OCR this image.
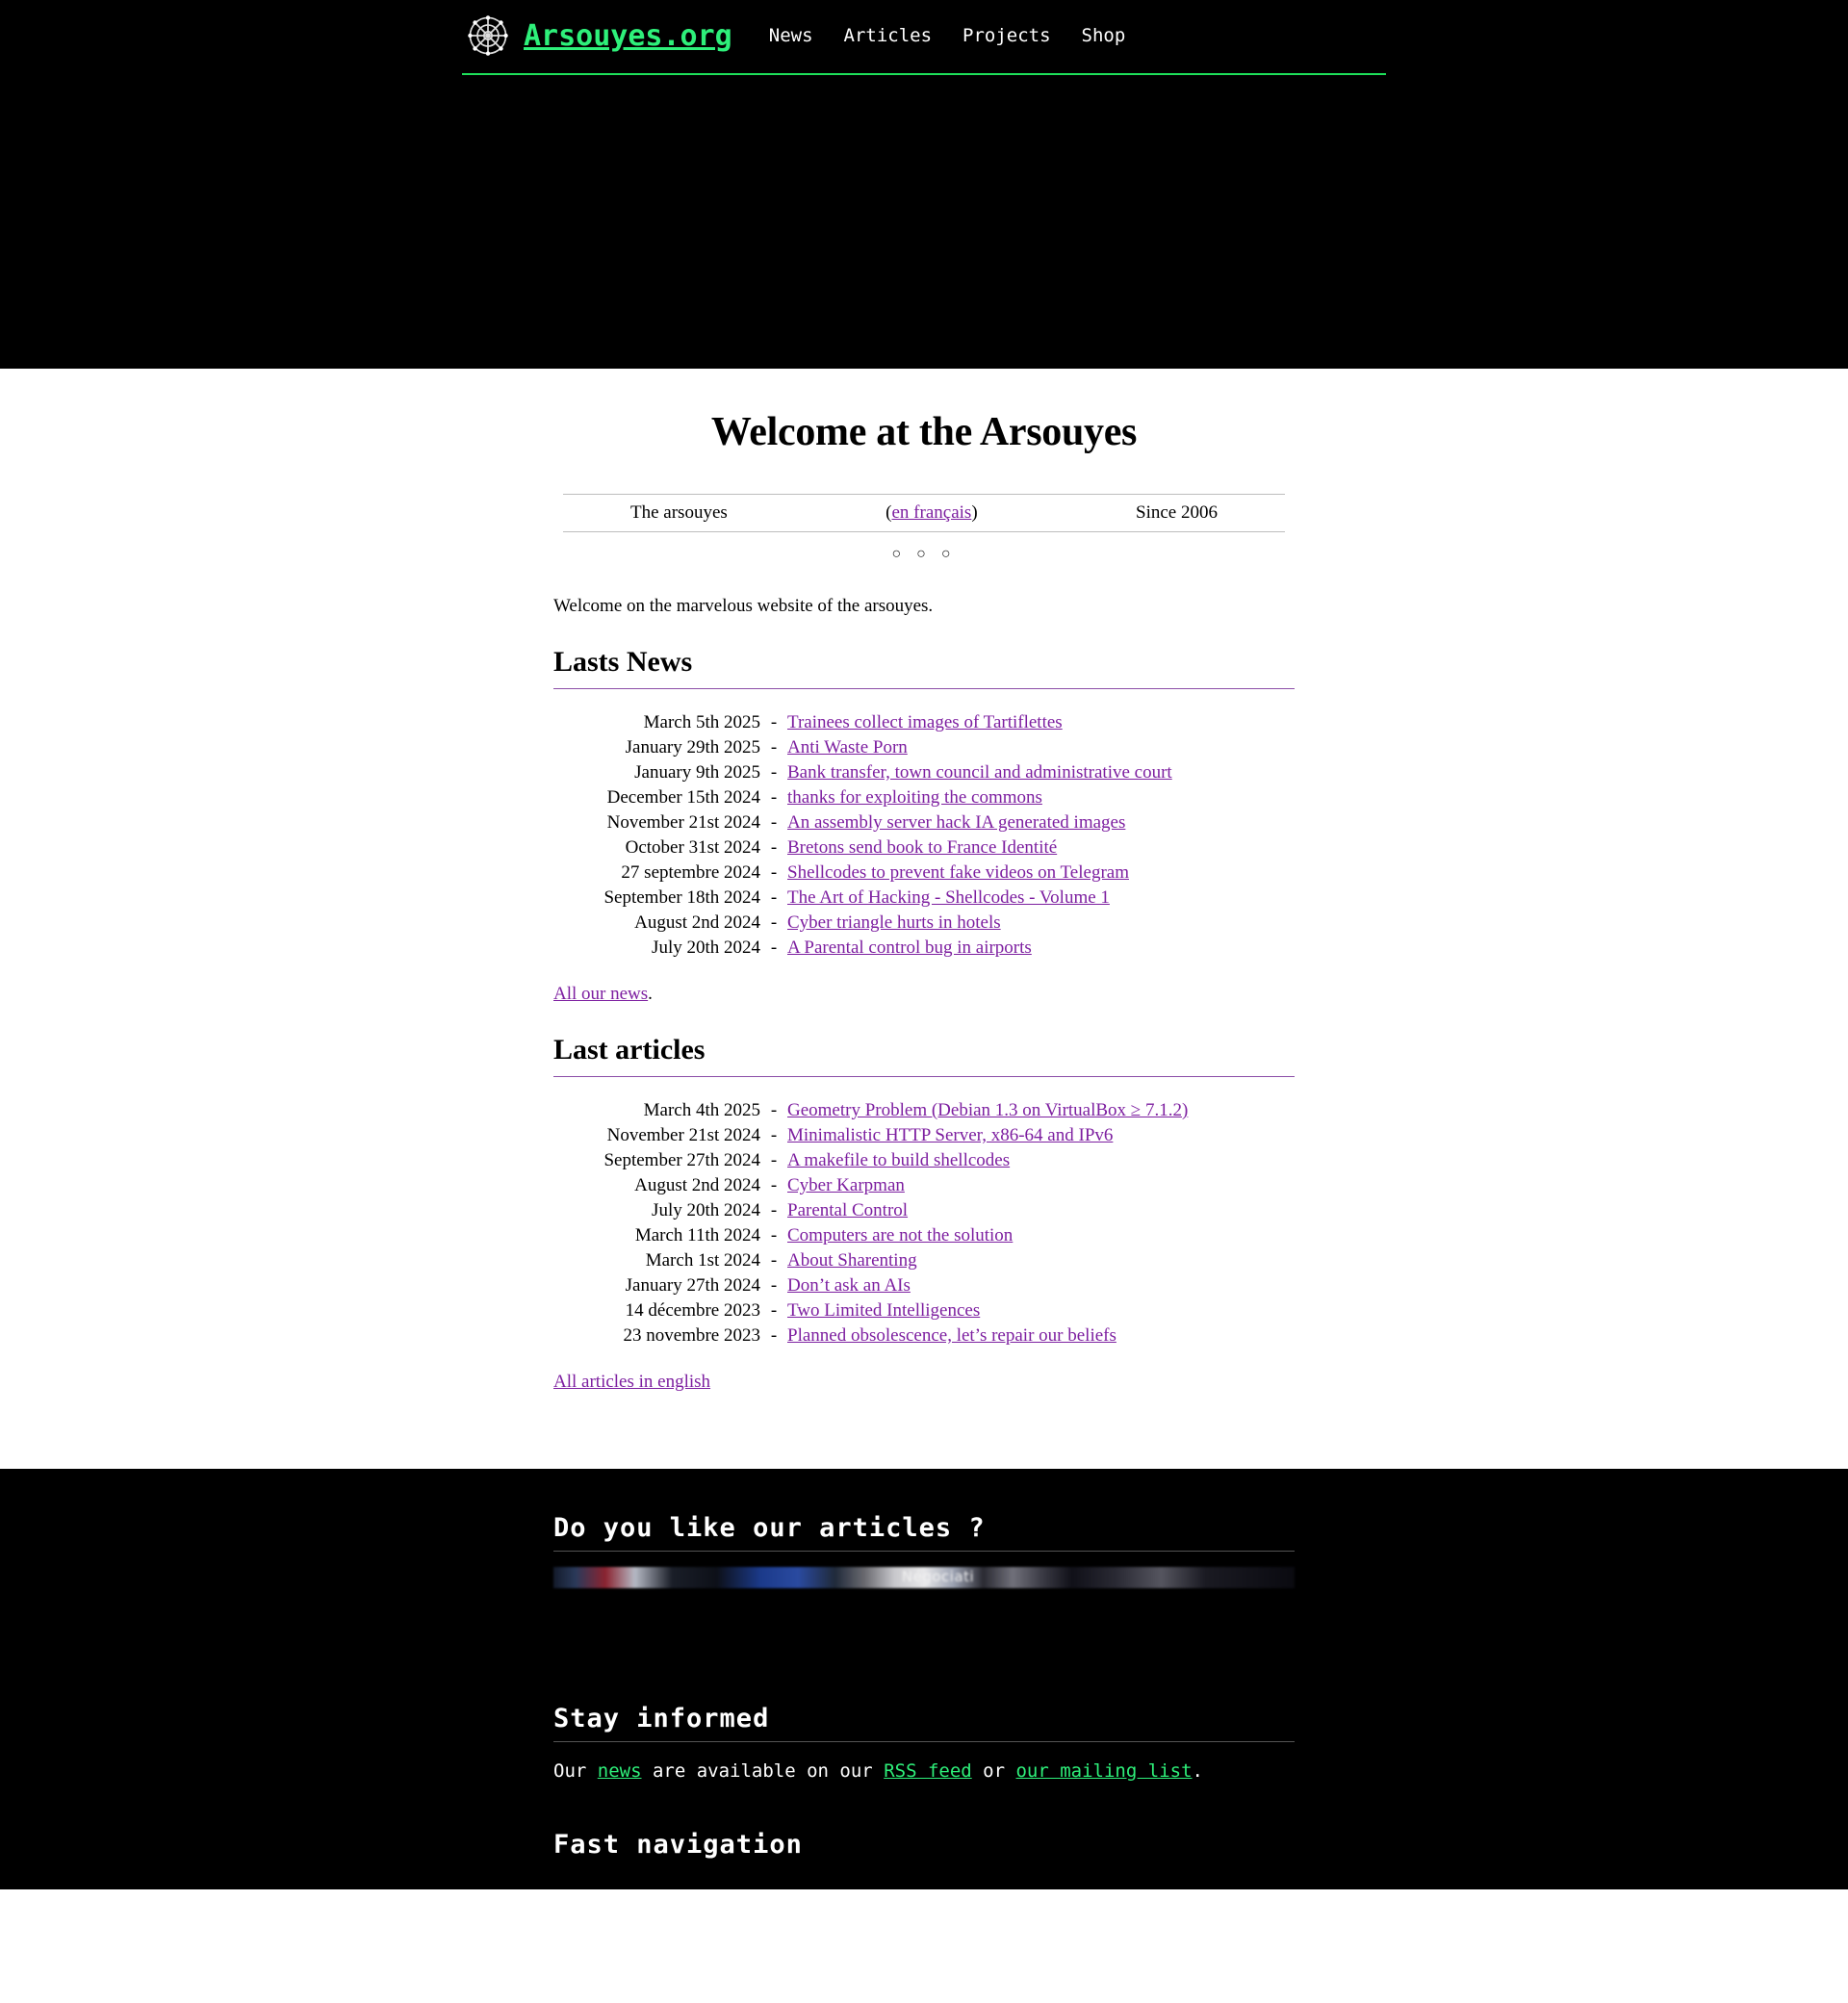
Arsouyes.org	News	Articles	Projects	Shop
Welcome at the Arsouyes
The arsouyes	(en français)	Since 2006
○ ○ ○

Welcome on the marvelous website of the arsouyes.

Lasts News
March 5th 2025	-	Trainees collect images of Tartiflettes
January 29th 2025	-	Anti Waste Porn
January 9th 2025	-	Bank transfer, town council and administrative court
December 15th 2024	-	thanks for exploiting the commons
November 21st 2024	-	An assembly server hack IA generated images
October 31st 2024	-	Bretons send book to France Identité
27 septembre 2024	-	Shellcodes to prevent fake videos on Telegram
September 18th 2024	-	The Art of Hacking - Shellcodes - Volume 1
August 2nd 2024	-	Cyber triangle hurts in hotels
July 20th 2024	-	A Parental control bug in airports

All our news.

Last articles
March 4th 2025	-	Geometry Problem (Debian 1.3 on VirtualBox ≥ 7.1.2)
November 21st 2024	-	Minimalistic HTTP Server, x86-64 and IPv6
September 27th 2024	-	A makefile to build shellcodes
August 2nd 2024	-	Cyber Karpman
July 20th 2024	-	Parental Control
March 11th 2024	-	Computers are not the solution
March 1st 2024	-	About Sharenting
January 27th 2024	-	Don’t ask an AIs
14 décembre 2023	-	Two Limited Intelligences
23 novembre 2023	-	Planned obsolescence, let’s repair our beliefs

All articles in english

Do you like our articles ?
Négociati
Stay informed

Our news are available on our RSS feed or our mailing list.

Fast navigation
